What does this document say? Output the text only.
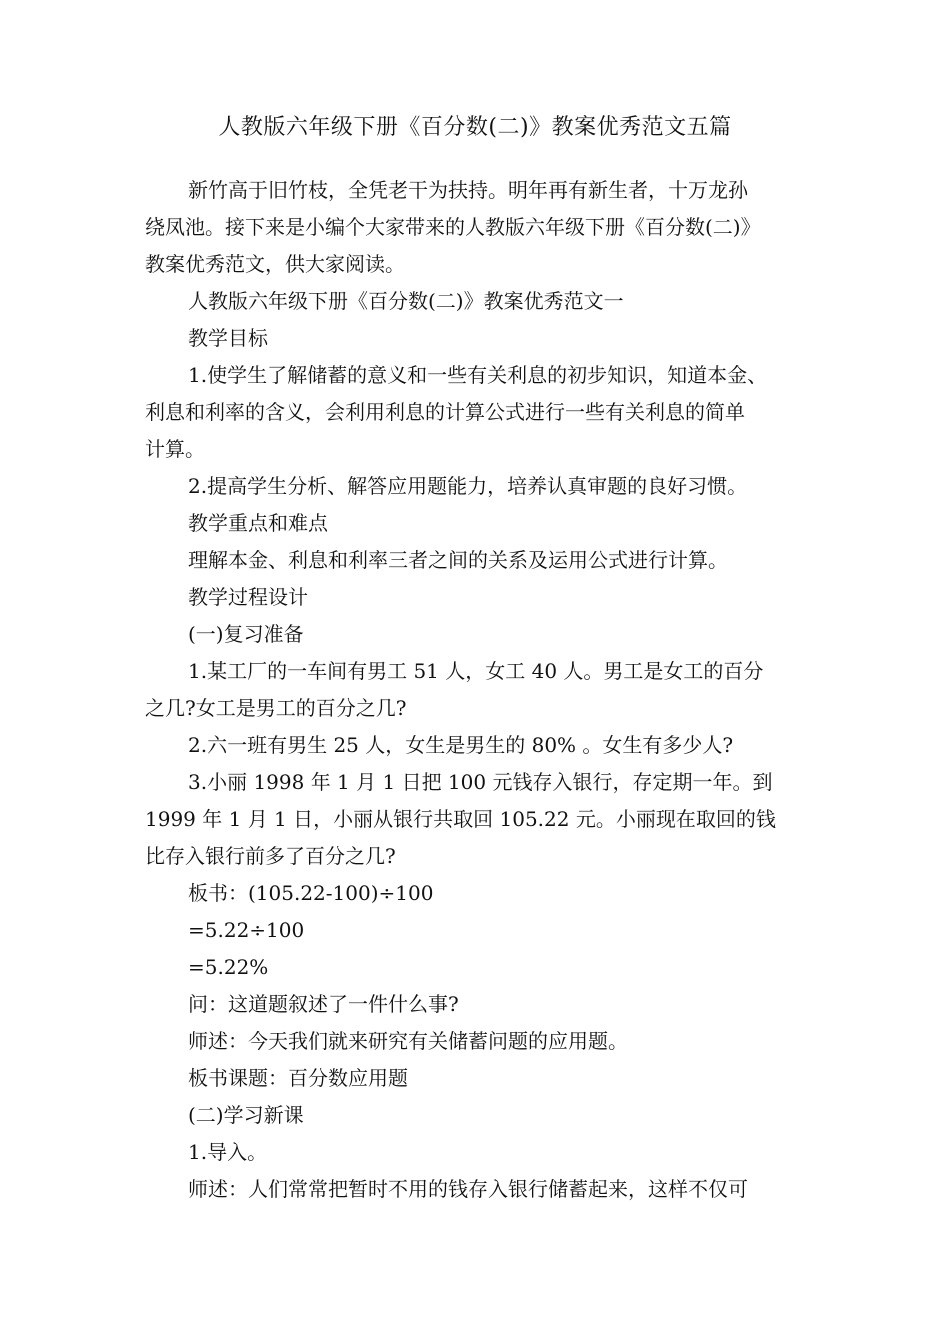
人教版六年级下册《百分数(二)》教案优秀范文五篇
新竹高于旧竹枝，全凭老干为扶持。明年再有新生者，十万龙孙
绕凤池。接下来是小编个大家带来的人教版六年级下册《百分数(二)》
教案优秀范文，供大家阅读。
人教版六年级下册《百分数(二)》教案优秀范文一
教学目标
1.使学生了解储蓄的意义和一些有关利息的初步知识，知道本金、
利息和利率的含义，会利用利息的计算公式进行一些有关利息的简单
计算。
2.提高学生分析、解答应用题能力，培养认真审题的良好习惯。
教学重点和难点
理解本金、利息和利率三者之间的关系及运用公式进行计算。
教学过程设计
(一)复习准备
1.某工厂的一车间有男工 51 人，女工 40 人。男工是女工的百分
之几?女工是男工的百分之几?
2.六一班有男生 25 人，女生是男生的 80% 。女生有多少人?
3.小丽 1998 年 1 月 1 日把 100 元钱存入银行，存定期一年。到
1999 年 1 月 1 日，小丽从银行共取回 105.22 元。小丽现在取回的钱
比存入银行前多了百分之几?
板书：(105.22-100)÷100
=5.22÷100
=5.22%
问：这道题叙述了一件什么事?
师述：今天我们就来研究有关储蓄问题的应用题。
板书课题：百分数应用题
(二)学习新课
1.导入。
师述：人们常常把暂时不用的钱存入银行储蓄起来，这样不仅可
